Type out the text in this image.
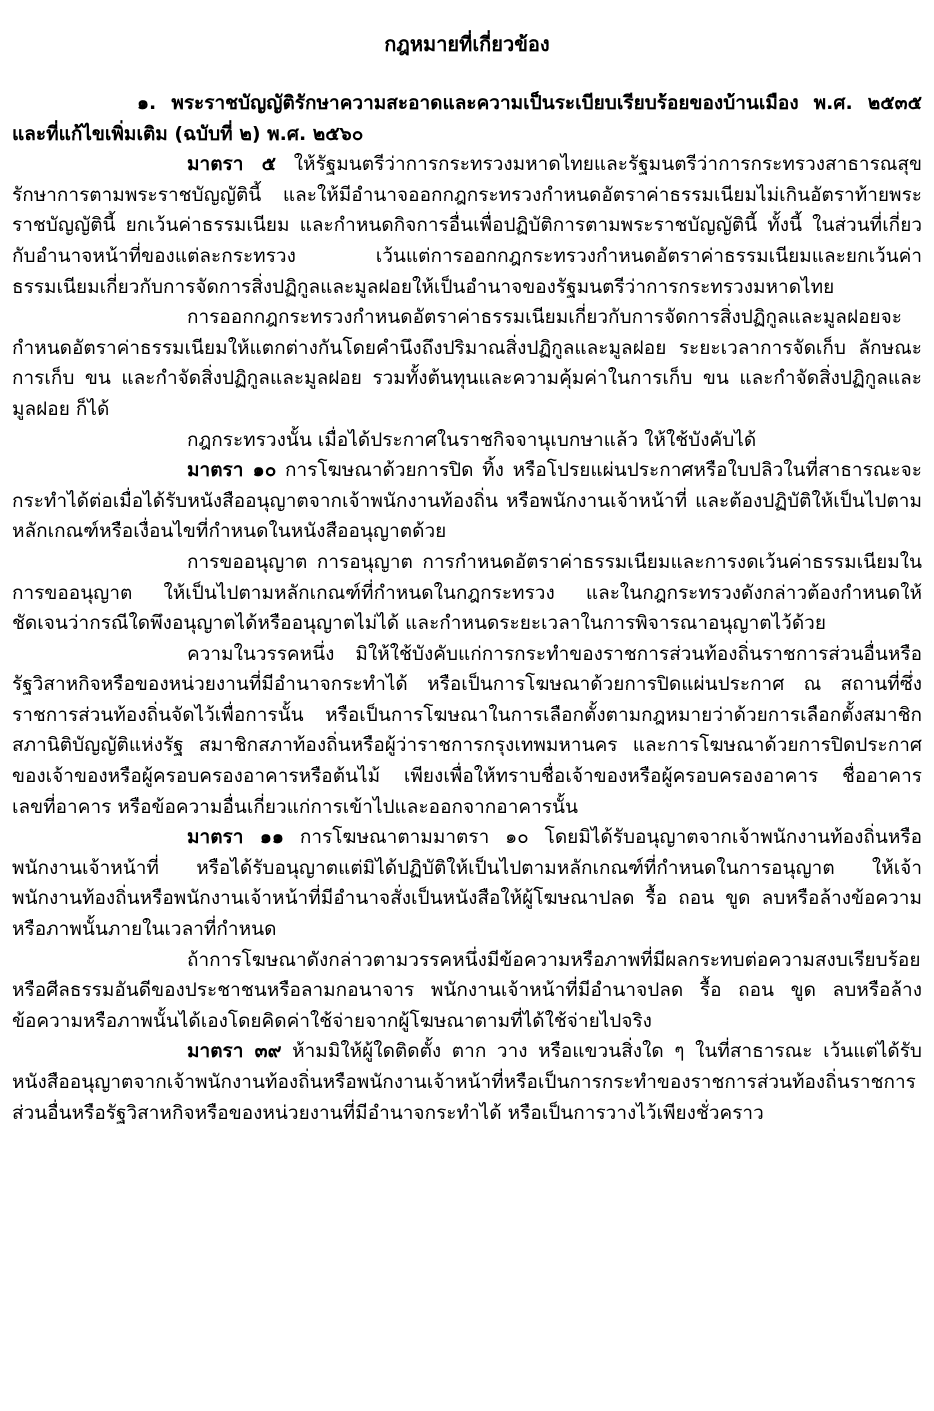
กฎหมายที่เกี่ยวข้อง

๑. พระราชบัญญัติรักษาความสะอาดและความเป็นระเบียบเรียบร้อยของบ้านเมือง พ.ศ. ๒๕๓๕ และที่แก้ไขเพิ่มเติม (ฉบับที่ ๒) พ.ศ. ๒๕๖๐

มาตรา ๕ ให้รัฐมนตรีว่าการกระทรวงมหาดไทยและรัฐมนตรีว่าการกระทรวงสาธารณสุขรักษาการตามพระราชบัญญัตินี้ และให้มีอำนาจออกกฎกระทรวงกำหนดอัตราค่าธรรมเนียมไม่เกินอัตราท้ายพระราชบัญญัตินี้ ยกเว้นค่าธรรมเนียม และกำหนดกิจการอื่นเพื่อปฏิบัติการตามพระราชบัญญัตินี้ ทั้งนี้ ในส่วนที่เกี่ยวกับอำนาจหน้าที่ของแต่ละกระทรวง เว้นแต่การออกกฎกระทรวงกำหนดอัตราค่าธรรมเนียมและยกเว้นค่าธรรมเนียมเกี่ยวกับการจัดการสิ่งปฏิกูลและมูลฝอยให้เป็นอำนาจของรัฐมนตรีว่าการกระทรวงมหาดไทย

การออกกฎกระทรวงกำหนดอัตราค่าธรรมเนียมเกี่ยวกับการจัดการสิ่งปฏิกูลและมูลฝอยจะกำหนดอัตราค่าธรรมเนียมให้แตกต่างกันโดยคำนึงถึงปริมาณสิ่งปฏิกูลและมูลฝอย ระยะเวลาการจัดเก็บ ลักษณะการเก็บ ขน และกำจัดสิ่งปฏิกูลและมูลฝอย รวมทั้งต้นทุนและความคุ้มค่าในการเก็บ ขน และกำจัดสิ่งปฏิกูลและมูลฝอย ก็ได้

กฎกระทรวงนั้น เมื่อได้ประกาศในราชกิจจานุเบกษาแล้ว ให้ใช้บังคับได้

มาตรา ๑๐ การโฆษณาด้วยการปิด ทิ้ง หรือโปรยแผ่นประกาศหรือใบปลิวในที่สาธารณะจะกระทำได้ต่อเมื่อได้รับหนังสืออนุญาตจากเจ้าพนักงานท้องถิ่น หรือพนักงานเจ้าหน้าที่ และต้องปฏิบัติให้เป็นไปตามหลักเกณฑ์หรือเงื่อนไขที่กำหนดในหนังสืออนุญาตด้วย

การขออนุญาต การอนุญาต การกำหนดอัตราค่าธรรมเนียมและการงดเว้นค่าธรรมเนียมในการขออนุญาต ให้เป็นไปตามหลักเกณฑ์ที่กำหนดในกฎกระทรวง และในกฎกระทรวงดังกล่าวต้องกำหนดให้ชัดเจนว่ากรณีใดพึงอนุญาตได้หรืออนุญาตไม่ได้ และกำหนดระยะเวลาในการพิจารณาอนุญาตไว้ด้วย

ความในวรรคหนึ่ง มิให้ใช้บังคับแก่การกระทำของราชการส่วนท้องถิ่นราชการส่วนอื่นหรือรัฐวิสาหกิจหรือของหน่วยงานที่มีอำนาจกระทำได้ หรือเป็นการโฆษณาด้วยการปิดแผ่นประกาศ ณ สถานที่ซึ่งราชการส่วนท้องถิ่นจัดไว้เพื่อการนั้น หรือเป็นการโฆษณาในการเลือกตั้งตามกฎหมายว่าด้วยการเลือกตั้งสมาชิกสภานิติบัญญัติแห่งรัฐ สมาชิกสภาท้องถิ่นหรือผู้ว่าราชการกรุงเทพมหานคร และการโฆษณาด้วยการปิดประกาศของเจ้าของหรือผู้ครอบครองอาคารหรือต้นไม้ เพียงเพื่อให้ทราบชื่อเจ้าของหรือผู้ครอบครองอาคาร ชื่ออาคาร เลขที่อาคาร หรือข้อความอื่นเกี่ยวแก่การเข้าไปและออกจากอาคารนั้น

มาตรา ๑๑ การโฆษณาตามมาตรา ๑๐ โดยมิได้รับอนุญาตจากเจ้าพนักงานท้องถิ่นหรือพนักงานเจ้าหน้าที่ หรือได้รับอนุญาตแต่มิได้ปฏิบัติให้เป็นไปตามหลักเกณฑ์ที่กำหนดในการอนุญาต ให้เจ้าพนักงานท้องถิ่นหรือพนักงานเจ้าหน้าที่มีอำนาจสั่งเป็นหนังสือให้ผู้โฆษณาปลด รื้อ ถอน ขูด ลบหรือล้างข้อความหรือภาพนั้นภายในเวลาที่กำหนด

ถ้าการโฆษณาดังกล่าวตามวรรคหนึ่งมีข้อความหรือภาพที่มีผลกระทบต่อความสงบเรียบร้อยหรือศีลธรรมอันดีของประชาชนหรือลามกอนาจาร พนักงานเจ้าหน้าที่มีอำนาจปลด รื้อ ถอน ขูด ลบหรือล้างข้อความหรือภาพนั้นได้เองโดยคิดค่าใช้จ่ายจากผู้โฆษณาตามที่ได้ใช้จ่ายไปจริง

มาตรา ๓๙ ห้ามมิให้ผู้ใดติดตั้ง ตาก วาง หรือแขวนสิ่งใด ๆ ในที่สาธารณะ เว้นแต่ได้รับหนังสืออนุญาตจากเจ้าพนักงานท้องถิ่นหรือพนักงานเจ้าหน้าที่หรือเป็นการกระทำของราชการส่วนท้องถิ่นราชการส่วนอื่นหรือรัฐวิสาหกิจหรือของหน่วยงานที่มีอำนาจกระทำได้ หรือเป็นการวางไว้เพียงชั่วคราว
